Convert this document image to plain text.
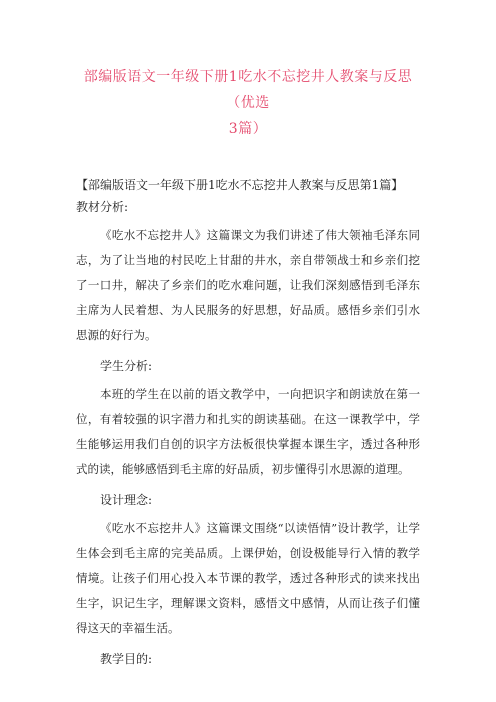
部编版语文一年级下册1吃水不忘挖井人教案与反思（优选
3篇）
【部编版语文一年级下册1吃水不忘挖井人教案与反思第1篇】
教材分析:

《吃水不忘挖井人》这篇课文为我们讲述了伟大领袖毛泽东同志，为了让当地的村民吃上甘甜的井水，亲自带领战士和乡亲们挖了一口井，解决了乡亲们的吃水难问题，让我们深刻感悟到毛泽东主席为人民着想、为人民服务的好思想，好品质。感悟乡亲们引水思源的好行为。

学生分析:

本班的学生在以前的语文教学中，一向把识字和朗读放在第一位，有着较强的识字潜力和扎实的朗读基础。在这一课教学中，学生能够运用我们自创的识字方法板很快掌握本课生字，透过各种形式的读，能够感悟到毛主席的好品质，初步懂得引水思源的道理。

设计理念:

《吃水不忘挖井人》这篇课文围绕“以读悟情”设计教学，让学生体会到毛主席的完美品质。上课伊始，创设极能导行入情的教学情境。让孩子们用心投入本节课的教学，透过各种形式的读来找出生字，识记生字，理解课文资料，感悟文中感情，从而让孩子们懂得这天的幸福生活。

教学目的:
